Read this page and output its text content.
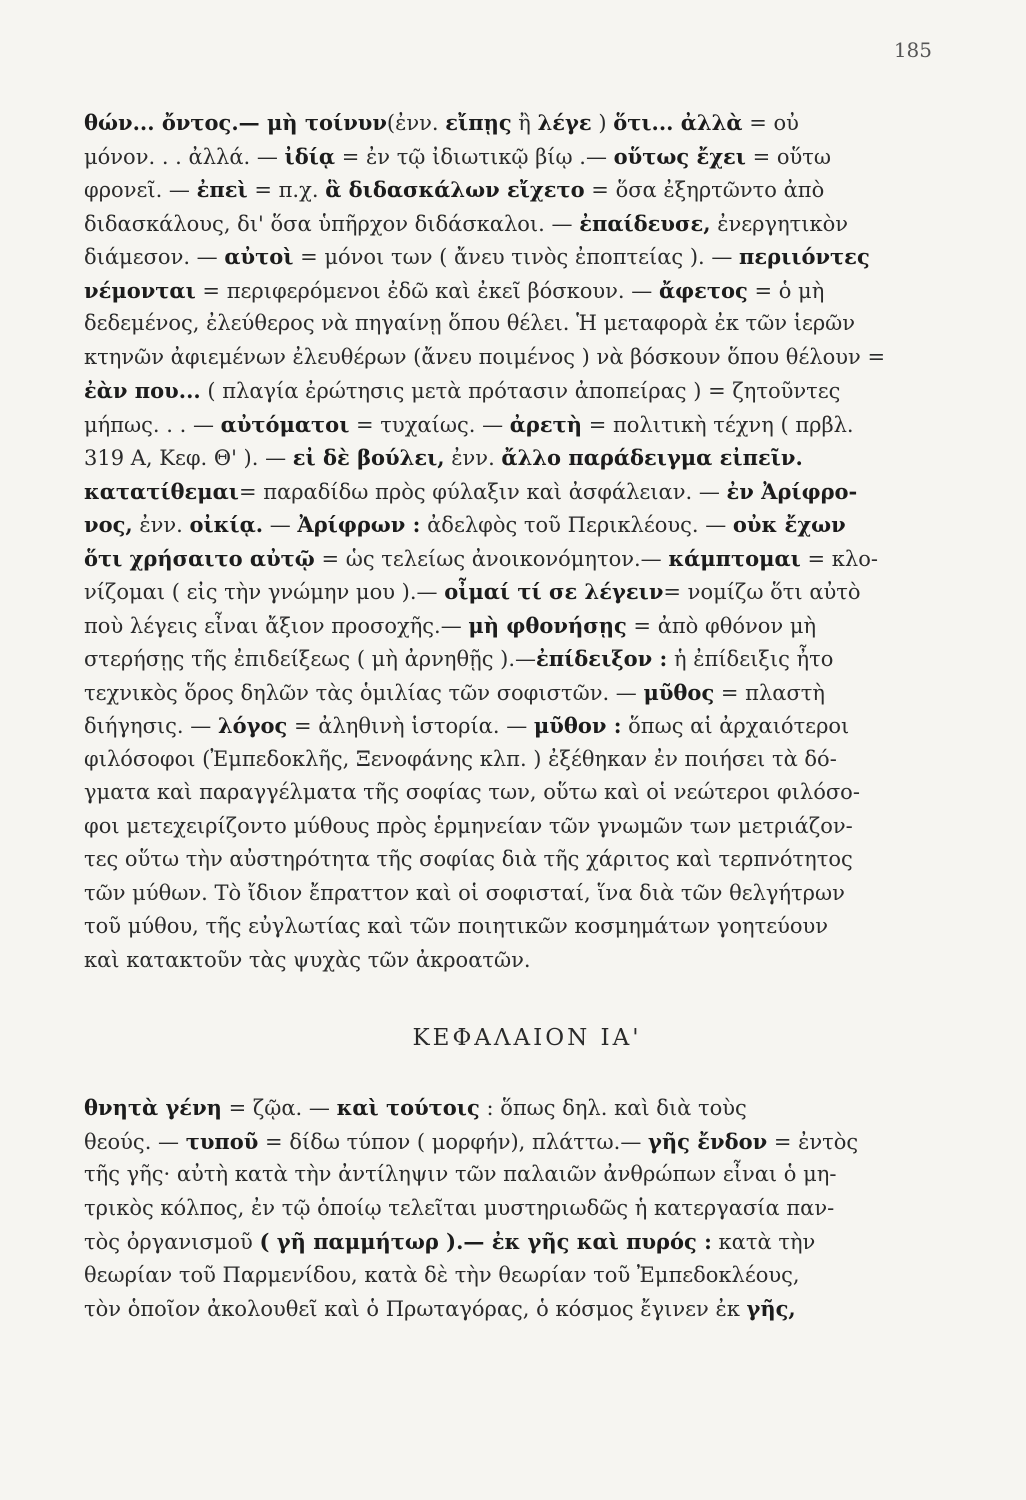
185
θών... ὄντος.— μὴ τοίνυν(ἐνν. εἴπῃς ἢ λέγε ) ὅτι... ἀλλὰ = οὐ
μόνον. . . ἀλλά. — ἰδίᾳ = ἐν τῷ ἰδιωτικῷ βίῳ .— οὕτως ἔχει = οὕτω
φρονεῖ. — ἐπεὶ = π.χ. ἃ διδασκάλων εἴχετο = ὅσα ἐξηρτῶντο ἀπὸ
διδασκάλους, δι' ὅσα ὑπῆρχον διδάσκαλοι. — ἐπαίδευσε, ἐνεργητικὸν
διάμεσον. — αὐτοὶ = μόνοι των ( ἄνευ τινὸς ἐποπτείας ). — περιιόντες
νέμονται = περιφερόμενοι ἐδῶ καὶ ἐκεῖ βόσκουν. — ἄφετος = ὁ μὴ
δεδεμένος, ἐλεύθερος νὰ πηγαίνῃ ὅπου θέλει. Ἡ μεταφορὰ ἐκ τῶν ἱερῶν
κτηνῶν ἀφιεμένων ἐλευθέρων (ἄνευ ποιμένος ) νὰ βόσκουν ὅπου θέλουν =
ἐὰν που... ( πλαγία ἐρώτησις μετὰ πρότασιν ἀποπείρας ) = ζητοῦντες
μήπως. . . — αὐτόματοι = τυχαίως. — ἀρετὴ = πολιτικὴ τέχνη ( πρβλ.
319 Α, Κεφ. Θ' ). — εἰ δὲ βούλει, ἐνν. ἄλλο παράδειγμα εἰπεῖν.
κατατίθεμαι= παραδίδω πρὸς φύλαξιν καὶ ἀσφάλειαν. — ἐν Ἀρίφρο-
νος, ἐνν. οἰκίᾳ. — Ἀρίφρων : ἀδελφὸς τοῦ Περικλέους. — οὐκ ἔχων
ὅτι χρήσαιτο αὐτῷ = ὡς τελείως ἀνοικονόμητον.— κάμπτομαι = κλο-
νίζομαι ( εἰς τὴν γνώμην μου ).— οἶμαί τί σε λέγειν= νομίζω ὅτι αὐτὸ
ποὺ λέγεις εἶναι ἄξιον προσοχῆς.— μὴ φθονήσῃς = ἀπὸ φθόνον μὴ
στερήσῃς τῆς ἐπιδείξεως ( μὴ ἀρνηθῇς ).—ἐπίδειξον : ἡ ἐπίδειξις ἦτο
τεχνικὸς ὅρος δηλῶν τὰς ὁμιλίας τῶν σοφιστῶν. — μῦθος = πλαστὴ
διήγησις. — λόγος = ἀληθινὴ ἱστορία. — μῦθον : ὅπως αἱ ἀρχαιότεροι
φιλόσοφοι (Ἐμπεδοκλῆς, Ξενοφάνης κλπ. ) ἐξέθηκαν ἐν ποιήσει τὰ δό-
γματα καὶ παραγγέλματα τῆς σοφίας των, οὕτω καὶ οἱ νεώτεροι φιλόσο-
φοι μετεχειρίζοντο μύθους πρὸς ἑρμηνείαν τῶν γνωμῶν των μετριάζον-
τες οὕτω τὴν αὐστηρότητα τῆς σοφίας διὰ τῆς χάριτος καὶ τερπνότητος
τῶν μύθων. Τὸ ἴδιον ἔπραττον καὶ οἱ σοφισταί, ἵνα διὰ τῶν θελγήτρων
τοῦ μύθου, τῆς εὐγλωτίας καὶ τῶν ποιητικῶν κοσμημάτων γοητεύουν
καὶ κατακτοῦν τὰς ψυχὰς τῶν ἀκροατῶν.
ΚΕΦΑΛΑΙΟΝ ΙΑ'
θνητὰ γένη = ζῷα. — καὶ τούτοις : ὅπως δηλ. καὶ διὰ τοὺς
θεούς. — τυποῦ = δίδω τύπον ( μορφήν), πλάττω.— γῆς ἔνδον = ἐντὸς
τῆς γῆς· αὐτὴ κατὰ τὴν ἀντίληψιν τῶν παλαιῶν ἀνθρώπων εἶναι ὁ μη-
τρικὸς κόλπος, ἐν τῷ ὁποίῳ τελεῖται μυστηριωδῶς ἡ κατεργασία παν-
τὸς ὀργανισμοῦ ( γῆ παμμήτωρ ).— ἐκ γῆς καὶ πυρός : κατὰ τὴν
θεωρίαν τοῦ Παρμενίδου, κατὰ δὲ τὴν θεωρίαν τοῦ Ἐμπεδοκλέους,
τὸν ὁποῖον ἀκολουθεῖ καὶ ὁ Πρωταγόρας, ὁ κόσμος ἔγινεν ἐκ γῆς,
